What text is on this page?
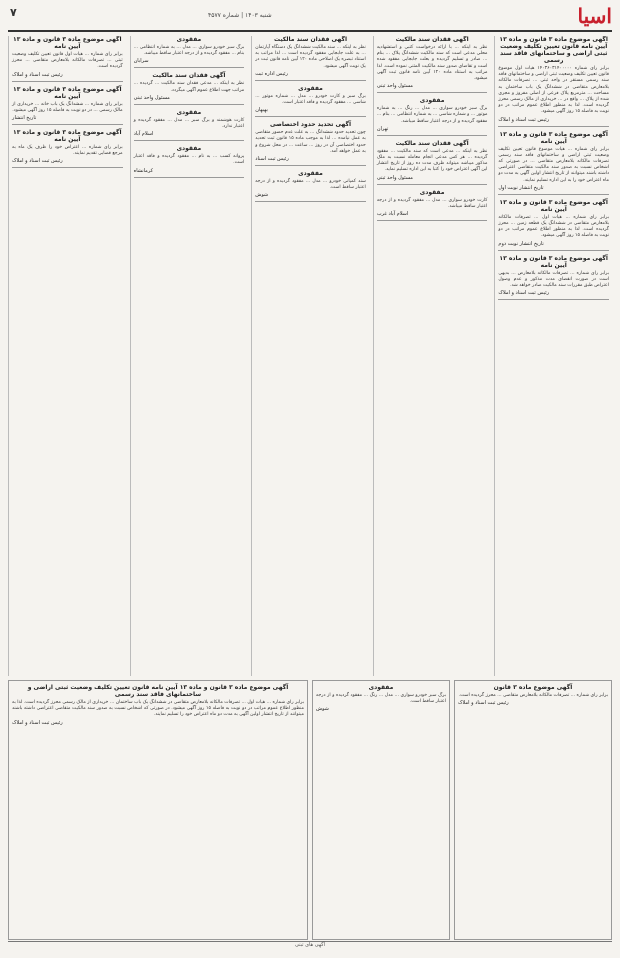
اسیا
شنبه ۱۴۰۳ | شماره ۴۵۷۷
۷
آگهی موضوع ماده ۳ قانون و ماده ۱۳ آیین نامه قانون تعیین تکلیف وضعیت ثبتی اراضی و ساختمانهای فاقد سند رسمی
برابر رای شماره ۱۴۰۳۶۰۳۱۴۰۰۰۰۰ هیات اول موضوع قانون تعیین تکلیف وضعیت ثبتی اراضی و ساختمانهای فاقد سند رسمی مستقر در واحد ثبتی ... تصرفات مالکانه بلامعارض متقاضی در ششدانگ یک باب ساختمان به مساحت ... مترمربع پلاک فرعی از اصلی مفروز و مجزی شده از پلاک ... واقع در ... خریداری از مالک رسمی محرز گردیده است. لذا به منظور اطلاع عموم مراتب در دو نوبت به فاصله ۱۵ روز آگهی میشود.
رئیس ثبت اسناد و املاک
آگهی موضوع ماده ۳ قانون و ماده ۱۳ آیین نامه
برابر رای شماره ... هیات موضوع قانون تعیین تکلیف وضعیت ثبتی اراضی و ساختمانهای فاقد سند رسمی تصرفات مالکانه بلامعارض متقاضی ... در صورتی که اشخاص نسبت به صدور سند مالکیت متقاضی اعتراضی داشته باشند میتوانند از تاریخ انتشار اولین آگهی به مدت دو ماه اعتراض خود را به این اداره تسلیم نمایند.
تاریخ انتشار نوبت اول
آگهی موضوع ماده ۳ قانون و ماده ۱۳ آیین نامه
برابر رای شماره ... هیات اول ... تصرفات مالکانه بلامعارض متقاضی در ششدانگ یک قطعه زمین ... محرز گردیده است. لذا به منظور اطلاع عموم مراتب در دو نوبت به فاصله ۱۵ روز آگهی میشود.
تاریخ انتشار نوبت دوم
آگهی موضوع ماده ۳ قانون و ماده ۱۳ آیین نامه
برابر رای شماره ... تصرفات مالکانه بلامعارض ... بدیهی است در صورت انقضای مدت مذکور و عدم وصول اعتراض طبق مقررات سند مالکیت صادر خواهد شد.
رئیس ثبت اسناد و املاک
آگهی فقدان سند مالکیت
نظر به اینکه ... با ارائه درخواست کتبی و استشهادیه محلی مدعی است که سند مالکیت ششدانگ پلاک ... بنام ... صادر و تسلیم گردیده و بعلت جابجایی مفقود شده است و تقاضای صدور سند مالکیت المثنی نموده است. لذا مراتب به استناد ماده ۱۲۰ آیین نامه قانون ثبت آگهی میشود.
مسئول واحد ثبتی
مفقودی
برگ سبز خودرو سواری ... مدل ... رنگ ... به شماره موتور ... و شماره شاسی ... به شماره انتظامی ... بنام ... مفقود گردیده و از درجه اعتبار ساقط میباشد.
تهران
آگهی فقدان سند مالکیت
نظر به اینکه ... مدعی است که سند مالکیت ... مفقود گردیده ... هر کس مدعی انجام معامله نسبت به ملک مذکور میباشد میتواند ظرف مدت ده روز از تاریخ انتشار این آگهی اعتراض خود را کتبا به این اداره تسلیم نماید.
مسئول واحد ثبتی
مفقودی
کارت خودرو سواری ... مدل ... مفقود گردیده و از درجه اعتبار ساقط میباشد.
اسلام آباد غرب
آگهی فقدان سند مالکیت
نظر به اینکه ... سند مالکیت ششدانگ یک دستگاه آپارتمان ... به علت جابجایی مفقود گردیده است ... لذا مراتب به استناد تبصره یک اصلاحی ماده ۱۲۰ آیین نامه قانون ثبت در یک نوبت آگهی میشود.
رئیس اداره ثبت
مفقودی
برگ سبز و کارت خودرو ... مدل ... شماره موتور ... شاسی ... مفقود گردیده و فاقد اعتبار است.
بهبهان
آگهی تحدید حدود اختصاصی
چون تحدید حدود ششدانگ ... به علت عدم حضور متقاضی به عمل نیامده ... لذا به موجب ماده ۱۵ قانون ثبت تحدید حدود اختصاصی آن در روز ... ساعت ... در محل شروع و به عمل خواهد آمد.
رئیس ثبت اسناد
مفقودی
سند کمپانی خودرو ... مدل ... مفقود گردیده و از درجه اعتبار ساقط است.
شوش
مفقودی
برگ سبز خودرو سواری ... مدل ... به شماره انتظامی ... بنام ... مفقود گردیده و از درجه اعتبار ساقط میباشد.
سرابان
آگهی فقدان سند مالکیت
نظر به اینکه ... مدعی فقدان سند مالکیت ... گردیده ... مراتب جهت اطلاع عموم آگهی میگردد.
مسئول واحد ثبتی
مفقودی
کارت هوشمند و برگ سبز ... مدل ... مفقود گردیده و اعتبار ندارد.
اسلام آباد
مفقودی
پروانه کسب ... به نام ... مفقود گردیده و فاقد اعتبار است.
کرمانشاه
آگهی موضوع ماده ۳ قانون و ماده ۱۳ آیین نامه
برابر رای شماره ... هیات اول قانون تعیین تکلیف وضعیت ثبتی ... تصرفات مالکانه بلامعارض متقاضی ... محرز گردیده است.
رئیس ثبت اسناد و املاک
آگهی موضوع ماده ۳ قانون و ماده ۱۳ آیین نامه
برابر رای شماره ... ششدانگ یک باب خانه ... خریداری از مالک رسمی ... در دو نوبت به فاصله ۱۵ روز آگهی میشود.
تاریخ انتشار
آگهی موضوع ماده ۳ قانون و ماده ۱۳ آیین نامه
برابر رای شماره ... اعتراض خود را ظرف یک ماه به مرجع قضایی تقدیم نمایند.
رئیس ثبت اسناد و املاک
آگهی موضوع ماده ۳ قانون
برابر رای شماره ... تصرفات مالکانه بلامعارض متقاضی ... محرز گردیده است.
رئیس ثبت اسناد و املاک
مفقودی
برگ سبز خودرو سواری ... مدل ... رنگ ... مفقود گردیده و از درجه اعتبار ساقط است.
شوش
آگهی موضوع ماده ۳ قانون و ماده ۱۳ آیین نامه قانون تعیین تکلیف وضعیت ثبتی اراضی و ساختمانهای فاقد سند رسمی
برابر رای شماره ... هیات اول ... تصرفات مالکانه بلامعارض متقاضی در ششدانگ یک باب ساختمان ... خریداری از مالک رسمی محرز گردیده است. لذا به منظور اطلاع عموم مراتب در دو نوبت به فاصله ۱۵ روز آگهی میشود. در صورتی که اشخاص نسبت به صدور سند مالکیت متقاضی اعتراضی داشته باشند میتوانند از تاریخ انتشار اولین آگهی به مدت دو ماه اعتراض خود را تسلیم نمایند.
رئیس ثبت اسناد و املاک
آگهی های ثبتی
